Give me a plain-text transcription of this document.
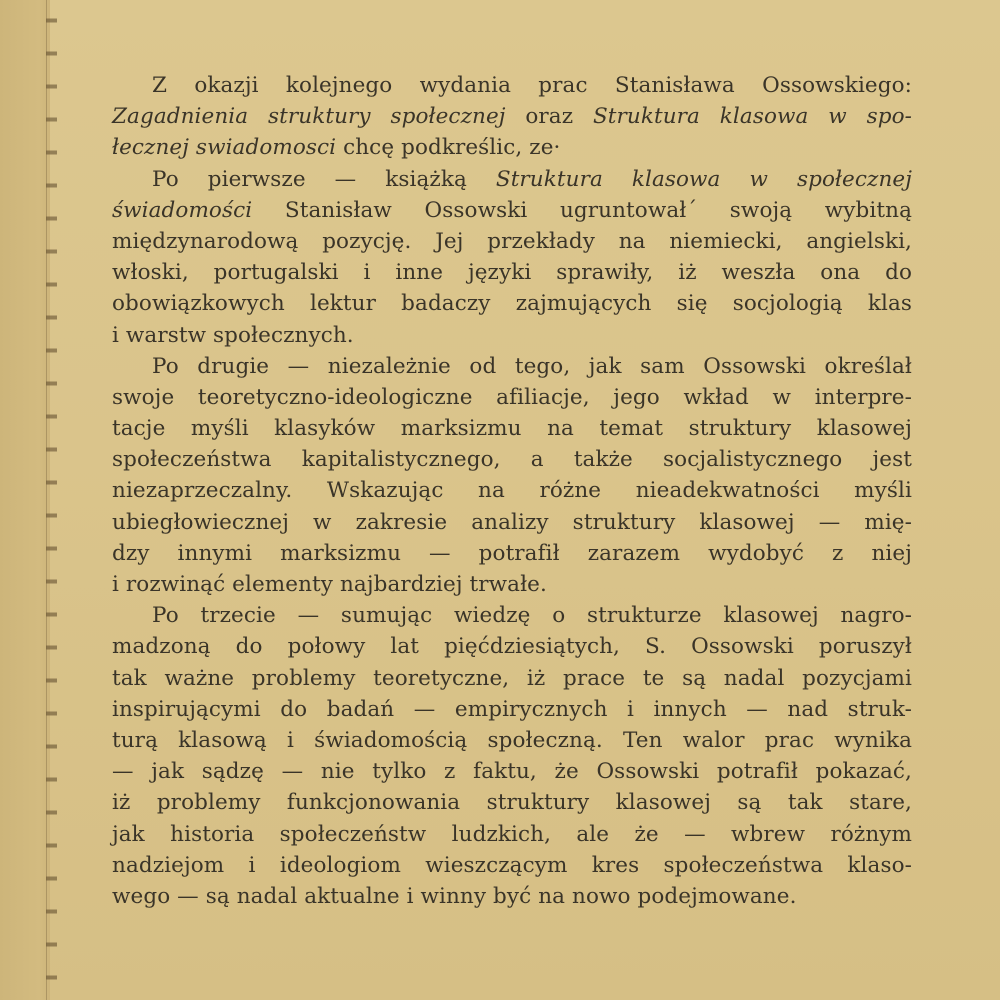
Z okazji kolejnego wydania prac Stanisława Ossowskiego:
Zagadnienia struktury społecznej oraz Struktura klasowa w spo-
łecznej swiadomosci chcę podkreślic, ze·
Po pierwsze — książką Struktura klasowa w społecznej
świadomości Stanisław Ossowski ugruntował´ swoją wybitną
międzynarodową pozycję. Jej przekłady na niemiecki, angielski,
włoski, portugalski i inne języki sprawiły, iż weszła ona do
obowiązkowych lektur badaczy zajmujących się socjologią klas
i warstw społecznych.
Po drugie — niezależnie od tego, jak sam Ossowski określał
swoje teoretyczno-ideologiczne afiliacje, jego wkład w interpre-
tacje myśli klasyków marksizmu na temat struktury klasowej
społeczeństwa kapitalistycznego, a także socjalistycznego jest
niezaprzeczalny. Wskazując na różne nieadekwatności myśli
ubiegłowiecznej w zakresie analizy struktury klasowej — mię-
dzy innymi marksizmu — potrafił zarazem wydobyć z niej
i rozwinąć elementy najbardziej trwałe.
Po trzecie — sumując wiedzę o strukturze klasowej nagro-
madzoną do połowy lat pięćdziesiątych, S. Ossowski poruszył
tak ważne problemy teoretyczne, iż prace te są nadal pozycjami
inspirującymi do badań — empirycznych i innych — nad struk-
turą klasową i świadomością społeczną. Ten walor prac wynika
— jak sądzę — nie tylko z faktu, że Ossowski potrafił pokazać,
iż problemy funkcjonowania struktury klasowej są tak stare,
jak historia społeczeństw ludzkich, ale że — wbrew różnym
nadziejom i ideologiom wieszczącym kres społeczeństwa klaso-
wego — są nadal aktualne i winny być na nowo podejmowane.
